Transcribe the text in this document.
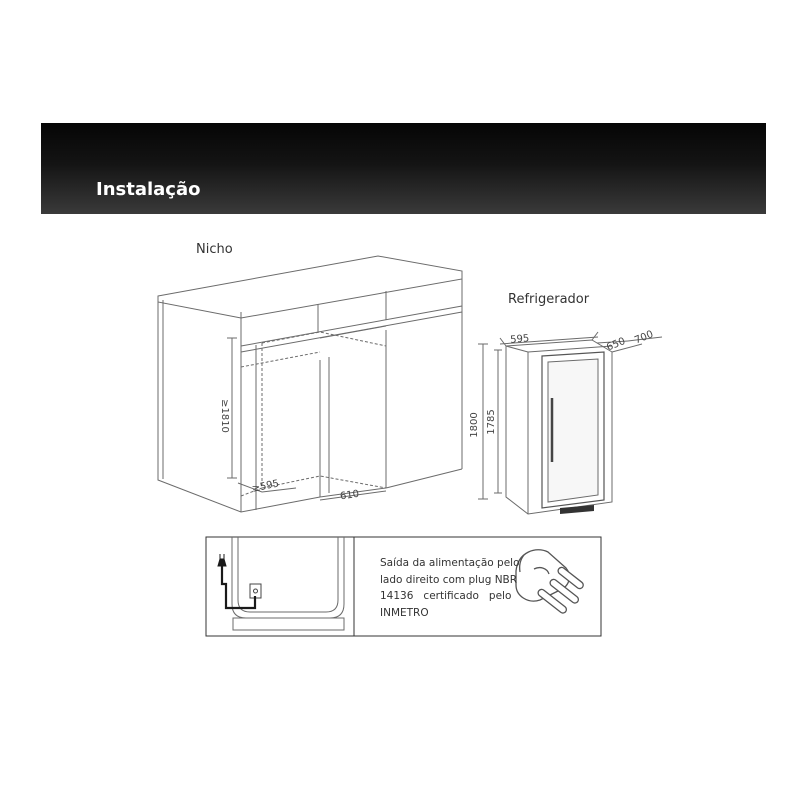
Instalação
Nicho
Refrigerador
≥1810
≥595
610
595	650 700
1800 1785
Saída da alimentação pelo
lado direito com plug NBR
14136   certificado   pelo
INMETRO
